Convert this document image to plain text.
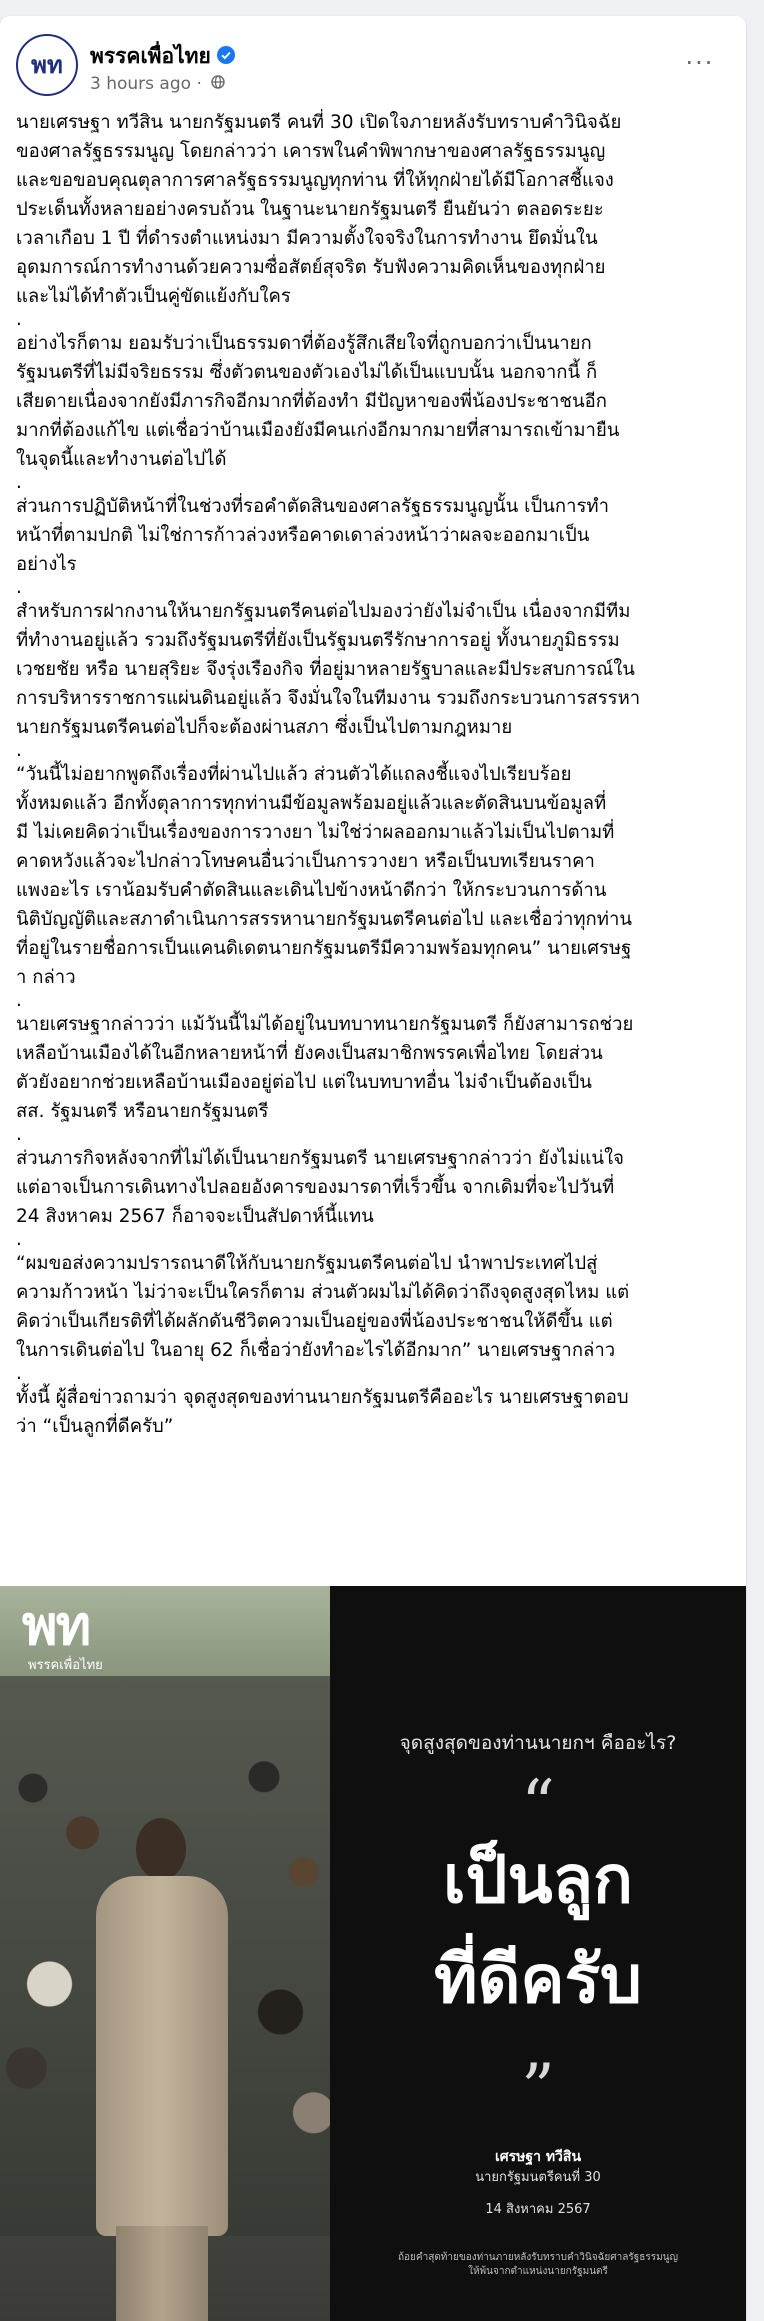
พท พรรคเพื่อไทย
3 hours ago ·
···

นายเศรษฐา ทวีสิน นายกรัฐมนตรี คนที่ 30 เปิดใจภายหลังรับทราบคำวินิจฉัย
ของศาลรัฐธรรมนูญ โดยกล่าวว่า เคารพในคำพิพากษาของศาลรัฐธรรมนูญ
และขอขอบคุณตุลาการศาลรัฐธรรมนูญทุกท่าน ที่ให้ทุกฝ่ายได้มีโอกาสชี้แจง
ประเด็นทั้งหลายอย่างครบถ้วน ในฐานะนายกรัฐมนตรี ยืนยันว่า ตลอดระยะ
เวลาเกือบ 1 ปี ที่ดำรงตำแหน่งมา มีความตั้งใจจริงในการทำงาน ยึดมั่นใน
อุดมการณ์การทำงานด้วยความซื่อสัตย์สุจริต รับฟังความคิดเห็นของทุกฝ่าย
และไม่ได้ทำตัวเป็นคู่ขัดแย้งกับใคร

.

อย่างไรก็ตาม ยอมรับว่าเป็นธรรมดาที่ต้องรู้สึกเสียใจที่ถูกบอกว่าเป็นนายก
รัฐมนตรีที่ไม่มีจริยธรรม ซึ่งตัวตนของตัวเองไม่ได้เป็นแบบนั้น นอกจากนี้ ก็
เสียดายเนื่องจากยังมีภารกิจอีกมากที่ต้องทำ มีปัญหาของพี่น้องประชาชนอีก
มากที่ต้องแก้ไข แต่เชื่อว่าบ้านเมืองยังมีคนเก่งอีกมากมายที่สามารถเข้ามายืน
ในจุดนี้และทำงานต่อไปได้

.

ส่วนการปฏิบัติหน้าที่ในช่วงที่รอคำตัดสินของศาลรัฐธรรมนูญนั้น เป็นการทำ
หน้าที่ตามปกติ ไม่ใช่การก้าวล่วงหรือคาดเดาล่วงหน้าว่าผลจะออกมาเป็น
อย่างไร

.

สำหรับการฝากงานให้นายกรัฐมนตรีคนต่อไปมองว่ายังไม่จำเป็น เนื่องจากมีทีม
ที่ทำงานอยู่แล้ว รวมถึงรัฐมนตรีที่ยังเป็นรัฐมนตรีรักษาการอยู่ ทั้งนายภูมิธรรม
เวชยชัย หรือ นายสุริยะ จึงรุ่งเรืองกิจ ที่อยู่มาหลายรัฐบาลและมีประสบการณ์ใน
การบริหารราชการแผ่นดินอยู่แล้ว จึงมั่นใจในทีมงาน รวมถึงกระบวนการสรรหา
นายกรัฐมนตรีคนต่อไปก็จะต้องผ่านสภา ซึ่งเป็นไปตามกฎหมาย

.

“วันนี้ไม่อยากพูดถึงเรื่องที่ผ่านไปแล้ว ส่วนตัวได้แถลงชี้แจงไปเรียบร้อย
ทั้งหมดแล้ว อีกทั้งตุลาการทุกท่านมีข้อมูลพร้อมอยู่แล้วและตัดสินบนข้อมูลที่
มี ไม่เคยคิดว่าเป็นเรื่องของการวางยา ไม่ใช่ว่าผลออกมาแล้วไม่เป็นไปตามที่
คาดหวังแล้วจะไปกล่าวโทษคนอื่นว่าเป็นการวางยา หรือเป็นบทเรียนราคา
แพงอะไร เราน้อมรับคำตัดสินและเดินไปข้างหน้าดีกว่า ให้กระบวนการด้าน
นิติบัญญัติและสภาดำเนินการสรรหานายกรัฐมนตรีคนต่อไป และเชื่อว่าทุกท่าน
ที่อยู่ในรายชื่อการเป็นแคนดิเดตนายกรัฐมนตรีมีความพร้อมทุกคน” นายเศรษฐ
า กล่าว

.

นายเศรษฐากล่าวว่า แม้วันนี้ไม่ได้อยู่ในบทบาทนายกรัฐมนตรี ก็ยังสามารถช่วย
เหลือบ้านเมืองได้ในอีกหลายหน้าที่ ยังคงเป็นสมาชิกพรรคเพื่อไทย โดยส่วน
ตัวยังอยากช่วยเหลือบ้านเมืองอยู่ต่อไป แต่ในบทบาทอื่น ไม่จำเป็นต้องเป็น
สส. รัฐมนตรี หรือนายกรัฐมนตรี

.

ส่วนภารกิจหลังจากที่ไม่ได้เป็นนายกรัฐมนตรี นายเศรษฐากล่าวว่า ยังไม่แน่ใจ
แต่อาจเป็นการเดินทางไปลอยอังคารของมารดาที่เร็วขึ้น จากเดิมที่จะไปวันที่
24 สิงหาคม 2567 ก็อาจจะเป็นสัปดาห์นี้แทน

.

“ผมขอส่งความปรารถนาดีให้กับนายกรัฐมนตรีคนต่อไป นำพาประเทศไปสู่
ความก้าวหน้า ไม่ว่าจะเป็นใครก็ตาม ส่วนตัวผมไม่ได้คิดว่าถึงจุดสูงสุดไหม แต่
คิดว่าเป็นเกียรติที่ได้ผลักดันชีวิตความเป็นอยู่ของพี่น้องประชาชนให้ดีขึ้น แต่
ในการเดินต่อไป ในอายุ 62 ก็เชื่อว่ายังทำอะไรได้อีกมาก” นายเศรษฐากล่าว

.

ทั้งนี้ ผู้สื่อข่าวถามว่า จุดสูงสุดของท่านนายกรัฐมนตรีคืออะไร นายเศรษฐาตอบ
ว่า “เป็นลูกที่ดีครับ”

พท
พรรคเพื่อไทย
จุดสูงสุดของท่านนายกฯ คืออะไร?
“
เป็นลูก
ที่ดีครับ
”
เศรษฐา ทวีสิน
นายกรัฐมนตรีคนที่ 30
14 สิงหาคม 2567
ถ้อยคำสุดท้ายของท่านภายหลังรับทราบคำวินิจฉัยศาลรัฐธรรมนูญ
ให้พ้นจากตำแหน่งนายกรัฐมนตรี
